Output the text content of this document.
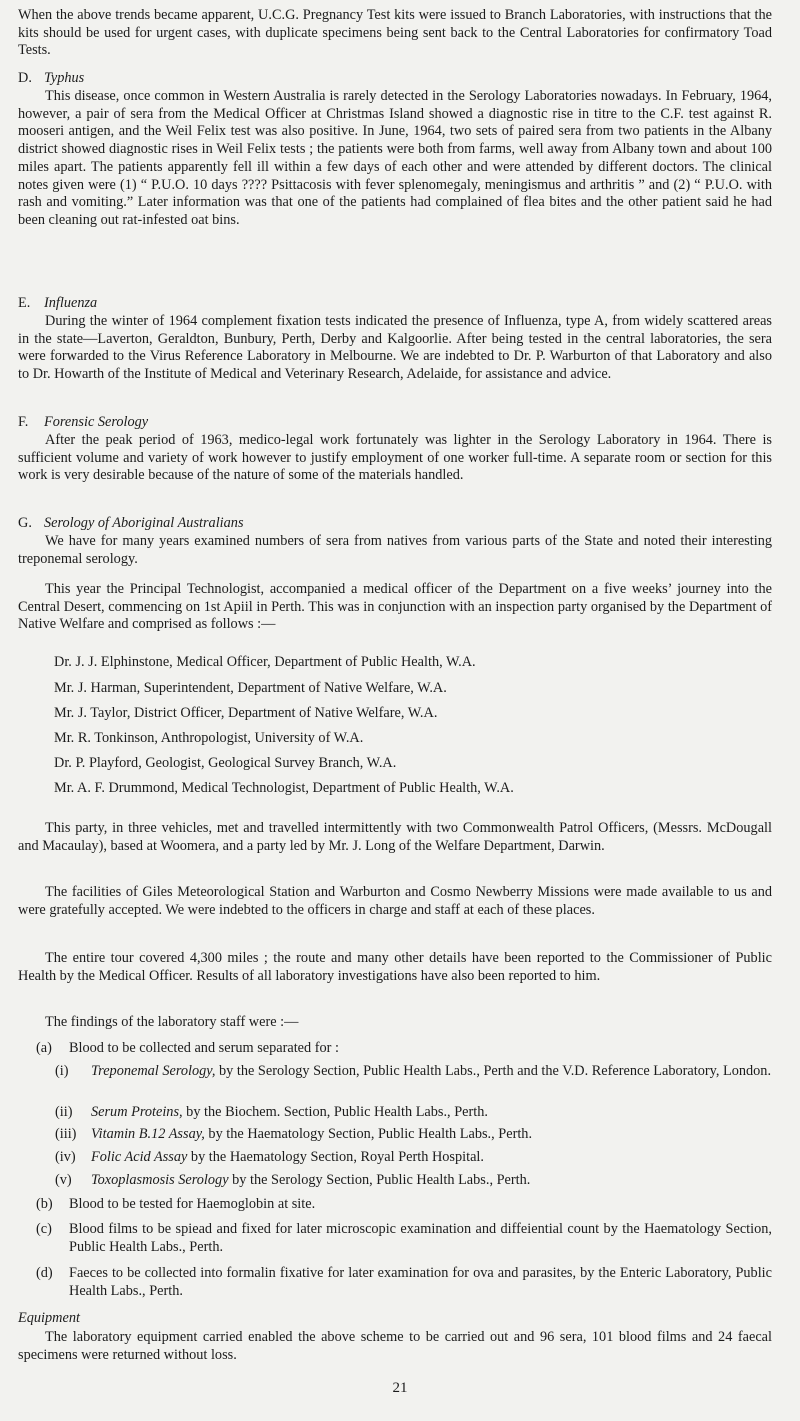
When the above trends became apparent, U.C.G. Pregnancy Test kits were issued to Branch Laboratories, with instructions that the kits should be used for urgent cases, with duplicate specimens being sent back to the Central Laboratories for confirmatory Toad Tests.

D. Typhus

This disease, once common in Western Australia is rarely detected in the Serology Laboratories nowadays. In February, 1964, however, a pair of sera from the Medical Officer at Christmas Island showed a diagnostic rise in titre to the C.F. test against R. mooseri antigen, and the Weil Felix test was also positive. In June, 1964, two sets of paired sera from two patients in the Albany district showed diagnostic rises in Weil Felix tests ; the patients were both from farms, well away from Albany town and about 100 miles apart. The patients apparently fell ill within a few days of each other and were attended by different doctors. The clinical notes given were (1) “ P.U.O. 10 days ???? Psittacosis with fever splenomegaly, meningismus and arthritis ” and (2) “ P.U.O. with rash and vomiting.” Later information was that one of the patients had complained of flea bites and the other patient said he had been cleaning out rat-infested oat bins.

E. Influenza

During the winter of 1964 complement fixation tests indicated the presence of Influenza, type A, from widely scattered areas in the state—Laverton, Geraldton, Bunbury, Perth, Derby and Kalgoorlie. After being tested in the central laboratories, the sera were forwarded to the Virus Reference Laboratory in Melbourne. We are indebted to Dr. P. Warburton of that Laboratory and also to Dr. Howarth of the Institute of Medical and Veterinary Research, Adelaide, for assistance and advice.

F. Forensic Serology

After the peak period of 1963, medico-legal work fortunately was lighter in the Serology Laboratory in 1964. There is sufficient volume and variety of work however to justify employment of one worker full-time. A separate room or section for this work is very desirable because of the nature of some of the materials handled.

G. Serology of Aboriginal Australians

We have for many years examined numbers of sera from natives from various parts of the State and noted their interesting treponemal serology.

This year the Principal Technologist, accompanied a medical officer of the Department on a five weeks’ journey into the Central Desert, commencing on 1st Apiil in Perth. This was in conjunction with an inspection party organised by the Department of Native Welfare and comprised as follows :—

Dr. J. J. Elphinstone, Medical Officer, Department of Public Health, W.A.

Mr. J. Harman, Superintendent, Department of Native Welfare, W.A.

Mr. J. Taylor, District Officer, Department of Native Welfare, W.A.

Mr. R. Tonkinson, Anthropologist, University of W.A.

Dr. P. Playford, Geologist, Geological Survey Branch, W.A.

Mr. A. F. Drummond, Medical Technologist, Department of Public Health, W.A.

This party, in three vehicles, met and travelled intermittently with two Commonwealth Patrol Officers, (Messrs. McDougall and Macaulay), based at Woomera, and a party led by Mr. J. Long of the Welfare Department, Darwin.

The facilities of Giles Meteorological Station and Warburton and Cosmo Newberry Missions were made available to us and were gratefully accepted. We were indebted to the officers in charge and staff at each of these places.

The entire tour covered 4,300 miles ; the route and many other details have been reported to the Commissioner of Public Health by the Medical Officer. Results of all laboratory investigations have also been reported to him.

The findings of the laboratory staff were :—

(a) Blood to be collected and serum separated for :

(i) Treponemal Serology, by the Serology Section, Public Health Labs., Perth and the V.D. Reference Laboratory, London.

(ii) Serum Proteins, by the Biochem. Section, Public Health Labs., Perth.

(iii) Vitamin B.12 Assay, by the Haematology Section, Public Health Labs., Perth.

(iv) Folic Acid Assay by the Haematology Section, Royal Perth Hospital.

(v) Toxoplasmosis Serology by the Serology Section, Public Health Labs., Perth.

(b) Blood to be tested for Haemoglobin at site.

(c) Blood films to be spiead and fixed for later microscopic examination and diffeiential count by the Haematology Section, Public Health Labs., Perth.

(d) Faeces to be collected into formalin fixative for later examination for ova and parasites, by the Enteric Laboratory, Public Health Labs., Perth.

Equipment

The laboratory equipment carried enabled the above scheme to be carried out and 96 sera, 101 blood films and 24 faecal specimens were returned without loss.

21
